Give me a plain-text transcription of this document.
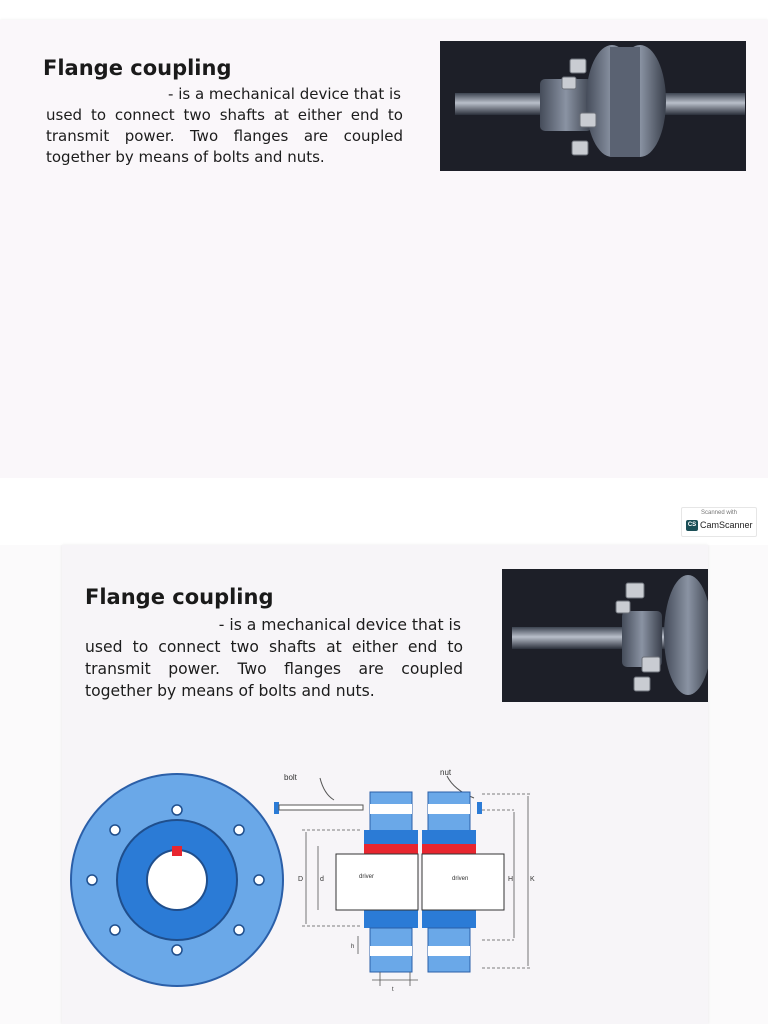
Flange coupling

- is a mechanical device that is
used to connect two shafts at either end to transmit power. Two flanges are coupled together by means of bolts and nuts.

Scanned with
CS CamScanner
Flange coupling

- is a mechanical device that is
used to connect two shafts at either end to transmit power. Two flanges are coupled together by means of bolts and nuts.

bolt
nut
driver	driven
D d	H K
h
t
